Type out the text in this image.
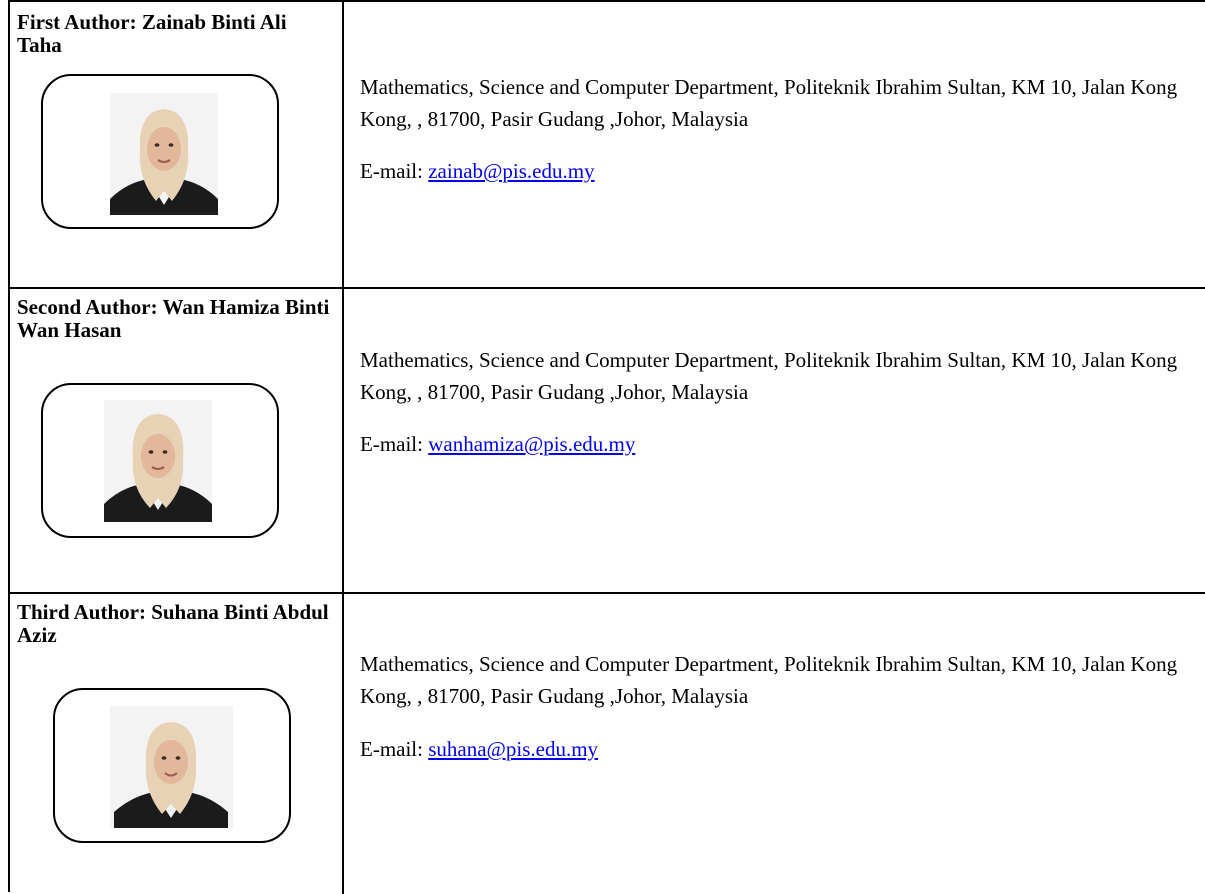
First Author: Zainab Binti Ali Taha
Mathematics, Science and Computer Department, Politeknik Ibrahim Sultan, KM 10, Jalan Kong Kong, , 81700, Pasir Gudang ,Johor, Malaysia
E-mail: zainab@pis.edu.my
Second Author: Wan Hamiza Binti Wan Hasan
Mathematics, Science and Computer Department, Politeknik Ibrahim Sultan, KM 10, Jalan Kong Kong, , 81700, Pasir Gudang ,Johor, Malaysia
E-mail: wanhamiza@pis.edu.my
Third Author: Suhana Binti Abdul Aziz
Mathematics, Science and Computer Department, Politeknik Ibrahim Sultan, KM 10, Jalan Kong Kong, , 81700, Pasir Gudang ,Johor, Malaysia
E-mail: suhana@pis.edu.my
